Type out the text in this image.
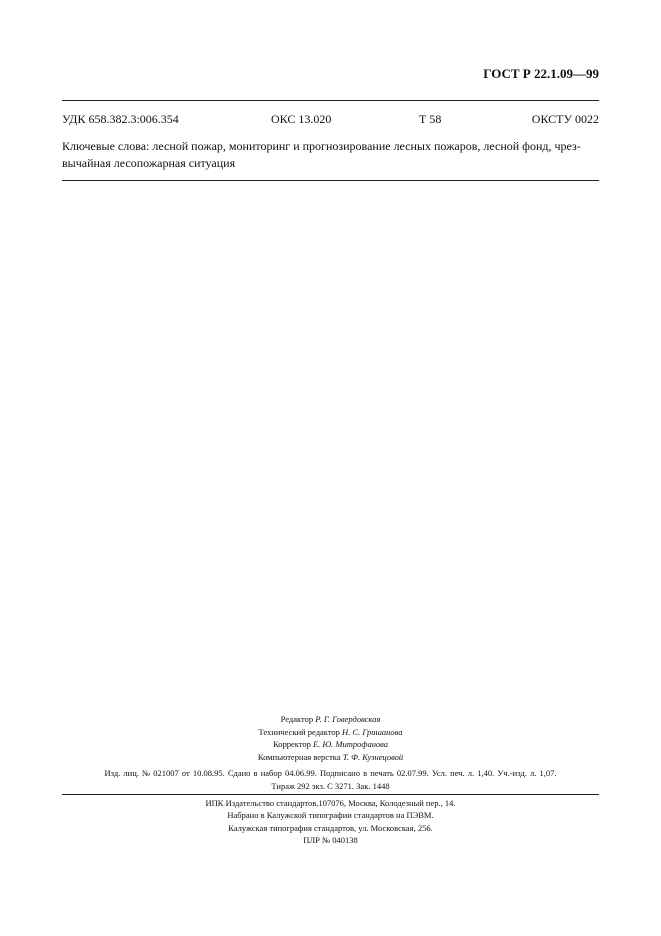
ГОСТ Р 22.1.09—99
УДК 658.382.3:006.354	ОКС 13.020	Т 58	ОКСТУ 0022
Ключевые слова: лесной пожар, мониторинг и прогнозирование лесных пожаров, лесной фонд, чрез-
вычайная лесопожарная ситуация
Редактор Р. Г. Говердовская
Технический редактор Н. С. Гришанова
Корректор Е. Ю. Митрофанова
Компьютерная верстка Т. Ф. Кузнецовой
Изд. лиц. № 021007 от 10.08.95. Сдано в набор 04.06.99. Подписано в печать 02.07.99. Усл. печ. л. 1,40. Уч.-изд. л. 1,07.
Тираж 292 экз. С 3271. Зак. 1448
ИПК Издательство стандартов,107076, Москва, Колодезный пер., 14.
Набрано в Калужской типографии стандартов на ПЭВМ.
Калужская типография стандартов, ул. Московская, 256.
ПЛР № 040138
